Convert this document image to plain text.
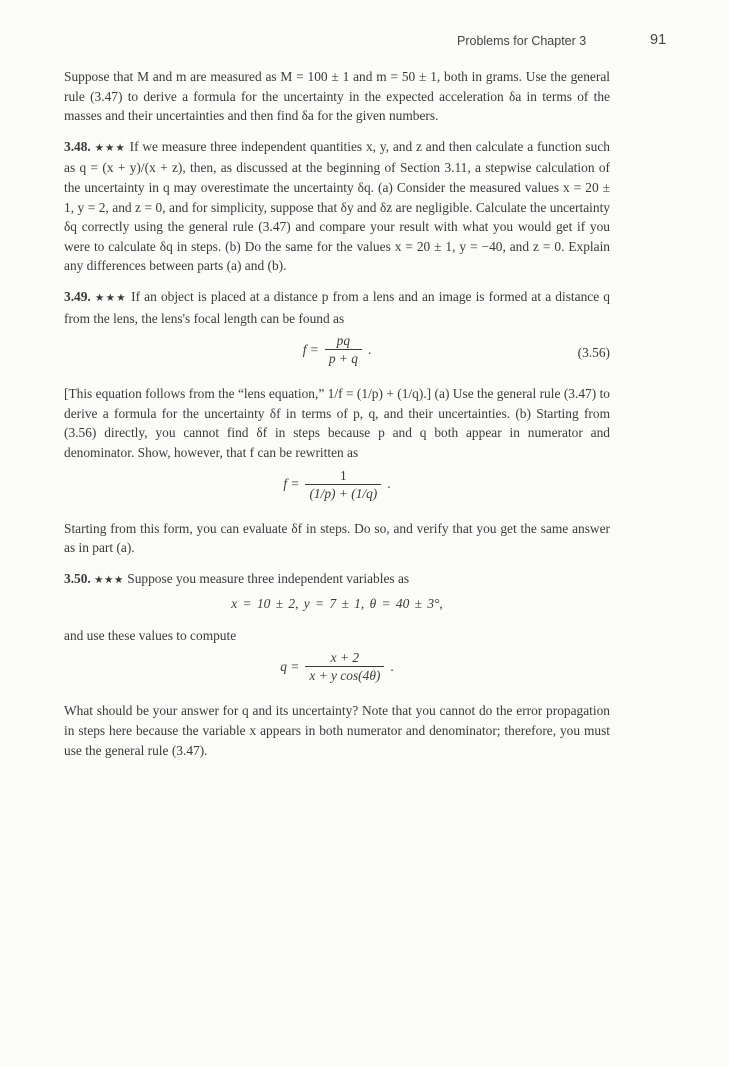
Problems for Chapter 3	91

Suppose that M and m are measured as M = 100 ± 1 and m = 50 ± 1, both in grams. Use the general rule (3.47) to derive a formula for the uncertainty in the expected acceleration δa in terms of the masses and their uncertainties and then find δa for the given numbers.

3.48. ★★★ If we measure three independent quantities x, y, and z and then calculate a function such as q = (x + y)/(x + z), then, as discussed at the beginning of Section 3.11, a stepwise calculation of the uncertainty in q may overestimate the uncertainty δq. (a) Consider the measured values x = 20 ± 1, y = 2, and z = 0, and for simplicity, suppose that δy and δz are negligible. Calculate the uncertainty δq correctly using the general rule (3.47) and compare your result with what you would get if you were to calculate δq in steps. (b) Do the same for the values x = 20 ± 1, y = −40, and z = 0. Explain any differences between parts (a) and (b).

3.49. ★★★ If an object is placed at a distance p from a lens and an image is formed at a distance q from the lens, the lens's focal length can be found as

$f = \frac{pq}{p + q}$ .	(3.56)

[This equation follows from the “lens equation,” 1/f = (1/p) + (1/q).] (a) Use the general rule (3.47) to derive a formula for the uncertainty δf in terms of p, q, and their uncertainties. (b) Starting from (3.56) directly, you cannot find δf in steps because p and q both appear in numerator and denominator. Show, however, that f can be rewritten as

$f = \frac{1}{(1/p) + (1/q)}$ .

Starting from this form, you can evaluate δf in steps. Do so, and verify that you get the same answer as in part (a).

3.50. ★★★ Suppose you measure three independent variables as

x = 10 ± 2, y = 7 ± 1, θ = 40 ± 3°,

and use these values to compute

$q = \frac{x + 2}{\text{x + y cos(4θ)}}$ .

What should be your answer for q and its uncertainty? Note that you cannot do the error propagation in steps here because the variable x appears in both numerator and denominator; therefore, you must use the general rule (3.47).
